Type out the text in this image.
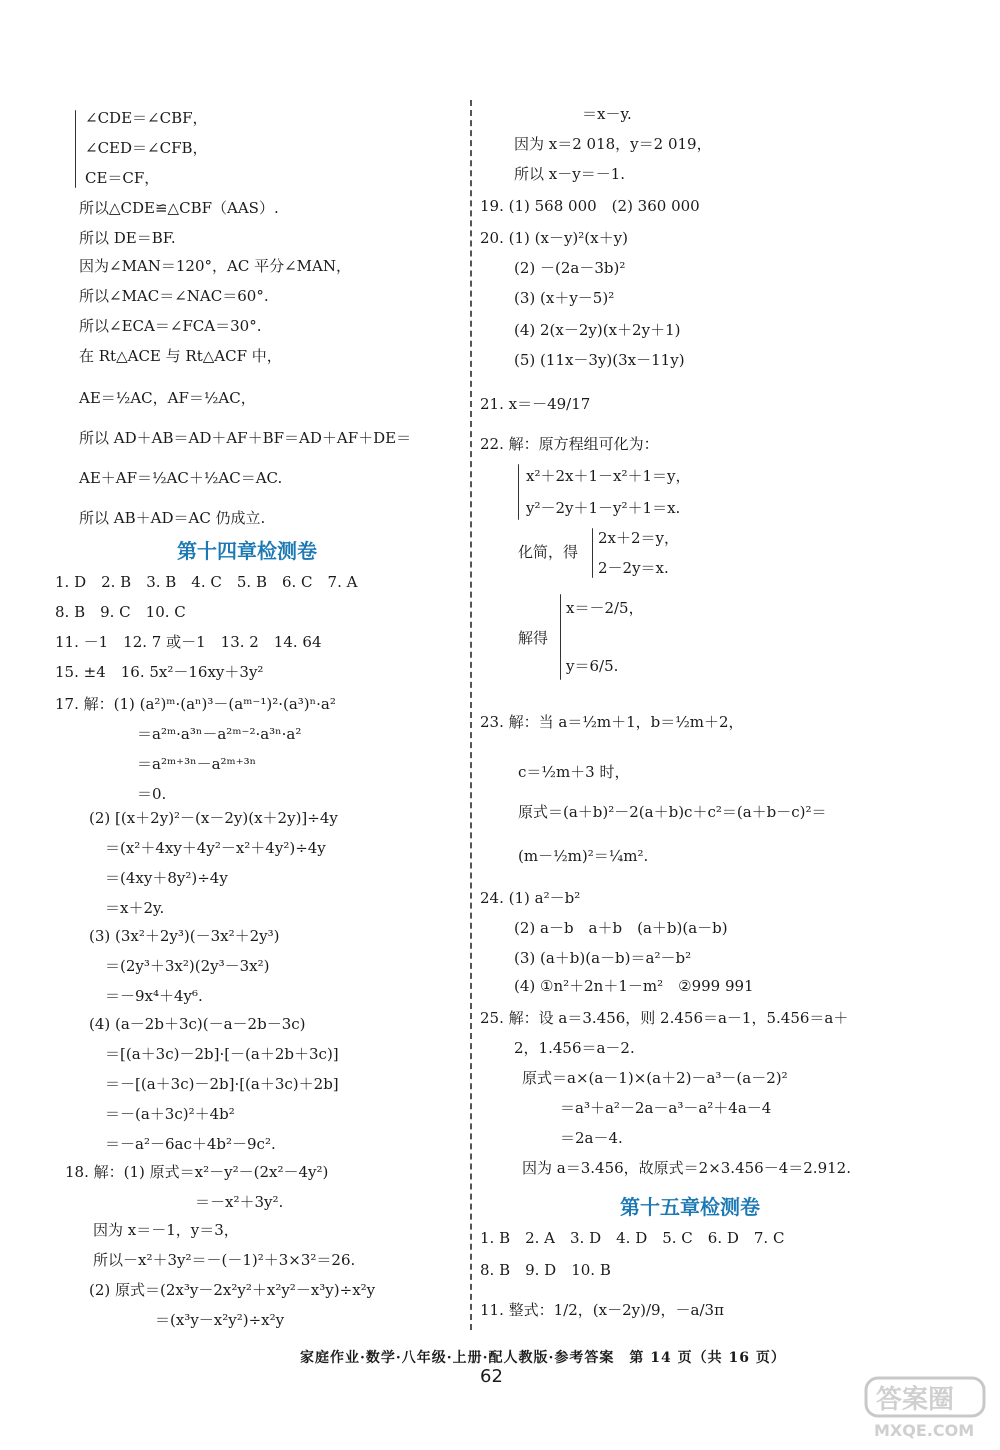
∠CDE＝∠CBF，
∠CED＝∠CFB，
CE＝CF，
所以△CDE≌△CBF（AAS）.
所以 DE＝BF.
因为∠MAN＝120°，AC 平分∠MAN，
所以∠MAC＝∠NAC＝60°.
所以∠ECA＝∠FCA＝30°.
在 Rt△ACE 与 Rt△ACF 中，
AE＝½AC，AF＝½AC，
所以 AD＋AB＝AD＋AF＋BF＝AD＋AF＋DE＝
AE＋AF＝½AC＋½AC＝AC.
所以 AB＋AD＝AC 仍成立.
第十四章检测卷
1. D　2. B　3. B　4. C　5. B　6. C　7. A
8. B　9. C　10. C
11. －1　12. 7 或－1　13. 2　14. 64
15. ±4　16. 5x²－16xy＋3y²
17. 解：(1) (a²)ᵐ·(aⁿ)³－(aᵐ⁻¹)²·(a³)ⁿ·a²
＝a²ᵐ·a³ⁿ－a²ᵐ⁻²·a³ⁿ·a²
＝a²ᵐ⁺³ⁿ－a²ᵐ⁺³ⁿ
＝0.
(2) [(x＋2y)²－(x－2y)(x＋2y)]÷4y
＝(x²＋4xy＋4y²－x²＋4y²)÷4y
＝(4xy＋8y²)÷4y
＝x＋2y.
(3) (3x²＋2y³)(－3x²＋2y³)
＝(2y³＋3x²)(2y³－3x²)
＝－9x⁴＋4y⁶.
(4) (a－2b＋3c)(－a－2b－3c)
＝[(a＋3c)－2b]·[－(a＋2b＋3c)]
＝－[(a＋3c)－2b]·[(a＋3c)＋2b]
＝－(a＋3c)²＋4b²
＝－a²－6ac＋4b²－9c².
18. 解：(1) 原式＝x²－y²－(2x²－4y²)
＝－x²＋3y².
因为 x＝－1，y＝3，
所以－x²＋3y²＝－(－1)²＋3×3²＝26.
(2) 原式＝(2x³y－2x²y²＋x²y²－x³y)÷x²y
＝(x³y－x²y²)÷x²y
＝x－y.
因为 x＝2 018，y＝2 019，
所以 x－y＝－1.
19. (1) 568 000　(2) 360 000
20. (1) (x－y)²(x＋y)
(2) －(2a－3b)²
(3) (x＋y－5)²
(4) 2(x－2y)(x＋2y＋1)
(5) (11x－3y)(3x－11y)
21. x＝－49/17
22. 解：原方程组可化为：
x²＋2x＋1－x²＋1＝y，
y²－2y＋1－y²＋1＝x.
化简，得
2x＋2＝y，
2－2y＝x.
解得
x＝－2/5，
y＝6/5.
23. 解：当 a＝½m＋1，b＝½m＋2，
c＝½m＋3 时，
原式＝(a＋b)²－2(a＋b)c＋c²＝(a＋b－c)²＝
(m－½m)²＝¼m².
24. (1) a²－b²
(2) a－b　a＋b　(a＋b)(a－b)
(3) (a＋b)(a－b)＝a²－b²
(4) ①n²＋2n＋1－m²　②999 991
25. 解：设 a＝3.456，则 2.456＝a－1，5.456＝a＋
2，1.456＝a－2.
原式＝a×(a－1)×(a＋2)－a³－(a－2)²
＝a³＋a²－2a－a³－a²＋4a－4
＝2a－4.
因为 a＝3.456，故原式＝2×3.456－4＝2.912.
第十五章检测卷
1. B　2. A　3. D　4. D　5. C　6. D　7. C
8. B　9. D　10. B
11. 整式：1/2，(x－2y)/9，－a/3π
家庭作业·数学·八年级·上册·配人教版·参考答案　第 14 页（共 16 页）
62
答案圈
MXQE.COM
